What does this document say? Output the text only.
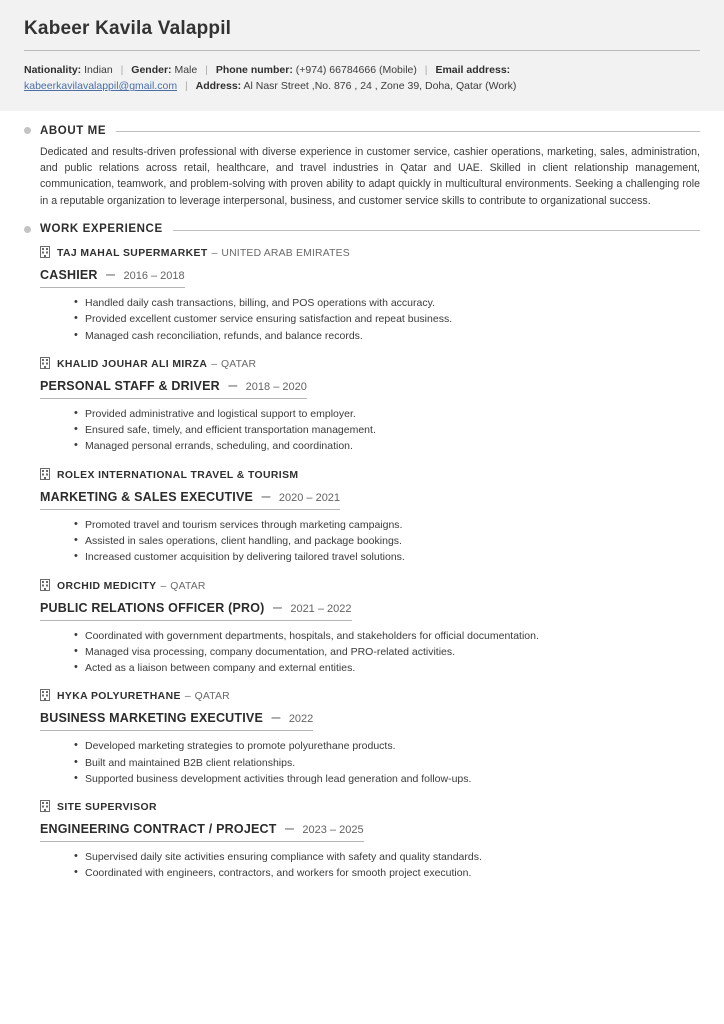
Kabeer Kavila Valappil
Nationality: Indian | Gender: Male | Phone number: (+974) 66784666 (Mobile) | Email address:
kabeerkavilavalappil@gmail.com | Address: Al Nasr Street ,No. 876 , 24 , Zone 39, Doha, Qatar (Work)
ABOUT ME
Dedicated and results-driven professional with diverse experience in customer service, cashier operations, marketing, sales, administration, and public relations across retail, healthcare, and travel industries in Qatar and UAE. Skilled in client relationship management, communication, teamwork, and problem-solving with proven ability to adapt quickly in multicultural environments. Seeking a challenging role in a reputable organization to leverage interpersonal, business, and customer service skills to contribute to organizational success.
WORK EXPERIENCE
TAJ MAHAL SUPERMARKET – UNITED ARAB EMIRATES
CASHIER – 2016 – 2018
• Handled daily cash transactions, billing, and POS operations with accuracy.
• Provided excellent customer service ensuring satisfaction and repeat business.
• Managed cash reconciliation, refunds, and balance records.
KHALID JOUHAR ALI MIRZA – QATAR
PERSONAL STAFF & DRIVER – 2018 – 2020
• Provided administrative and logistical support to employer.
• Ensured safe, timely, and efficient transportation management.
• Managed personal errands, scheduling, and coordination.
ROLEX INTERNATIONAL TRAVEL & TOURISM
MARKETING & SALES EXECUTIVE – 2020 – 2021
• Promoted travel and tourism services through marketing campaigns.
• Assisted in sales operations, client handling, and package bookings.
• Increased customer acquisition by delivering tailored travel solutions.
ORCHID MEDICITY – QATAR
PUBLIC RELATIONS OFFICER (PRO) – 2021 – 2022
• Coordinated with government departments, hospitals, and stakeholders for official documentation.
• Managed visa processing, company documentation, and PRO-related activities.
• Acted as a liaison between company and external entities.
HYKA POLYURETHANE – QATAR
BUSINESS MARKETING EXECUTIVE – 2022
• Developed marketing strategies to promote polyurethane products.
• Built and maintained B2B client relationships.
• Supported business development activities through lead generation and follow-ups.
SITE SUPERVISOR
ENGINEERING CONTRACT / PROJECT – 2023 – 2025
• Supervised daily site activities ensuring compliance with safety and quality standards.
• Coordinated with engineers, contractors, and workers for smooth project execution.
